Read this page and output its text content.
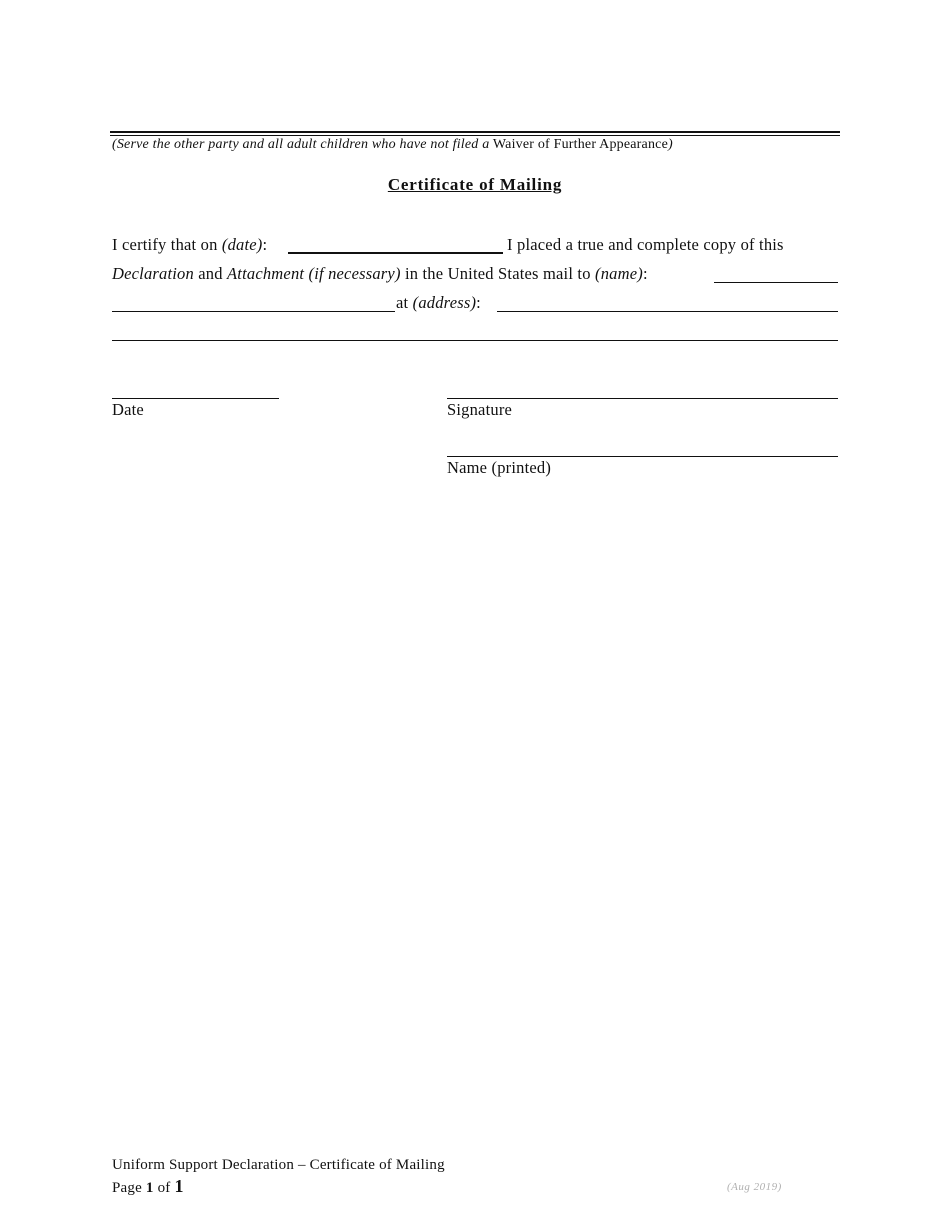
(Serve the other party and all adult children who have not filed a Waiver of Further Appearance)
Certificate of Mailing
I certify that on (date):	I placed a true and complete copy of this
Declaration and Attachment (if necessary) in the United States mail to (name):
at (address):
Date	Signature
Name (printed)
Uniform Support Declaration – Certificate of Mailing
Page 1 of 1	(Aug 2019)
